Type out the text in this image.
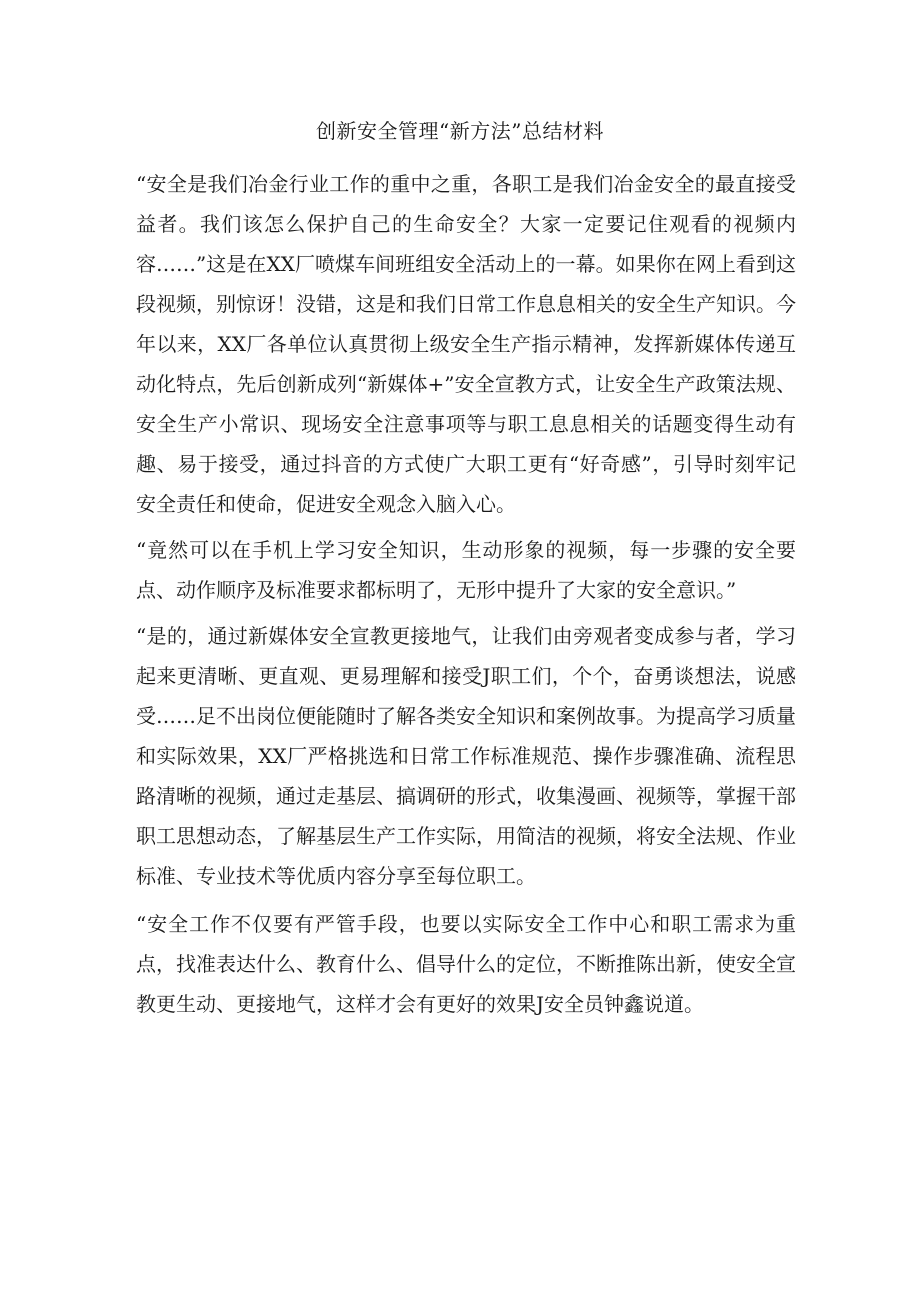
创新安全管理“新方法”总结材料

“安全是我们冶金行业工作的重中之重，各职工是我们冶金安全的最直接受益者。我们该怎么保护自己的生命安全？大家一定要记住观看的视频内容……”这是在XX厂喷煤车间班组安全活动上的一幕。如果你在网上看到这段视频，别惊讶！没错，这是和我们日常工作息息相关的安全生产知识。今年以来，XX厂各单位认真贯彻上级安全生产指示精神，发挥新媒体传递互动化特点，先后创新成列“新媒体+”安全宣教方式，让安全生产政策法规、安全生产小常识、现场安全注意事项等与职工息息相关的话题变得生动有趣、易于接受，通过抖音的方式使广大职工更有“好奇感”，引导时刻牢记安全责任和使命，促进安全观念入脑入心。

“竟然可以在手机上学习安全知识，生动形象的视频，每一步骤的安全要点、动作顺序及标准要求都标明了，无形中提升了大家的安全意识。”

“是的，通过新媒体安全宣教更接地气，让我们由旁观者变成参与者，学习起来更清晰、更直观、更易理解和接受J职工们，个个，奋勇谈想法，说感受……足不出岗位便能随时了解各类安全知识和案例故事。为提高学习质量和实际效果，XX厂严格挑选和日常工作标准规范、操作步骤准确、流程思路清晰的视频，通过走基层、搞调研的形式，收集漫画、视频等，掌握干部职工思想动态，了解基层生产工作实际，用简洁的视频，将安全法规、作业标准、专业技术等优质内容分享至每位职工。

“安全工作不仅要有严管手段，也要以实际安全工作中心和职工需求为重点，找准表达什么、教育什么、倡导什么的定位，不断推陈出新，使安全宣教更生动、更接地气，这样才会有更好的效果J安全员钟鑫说道。
